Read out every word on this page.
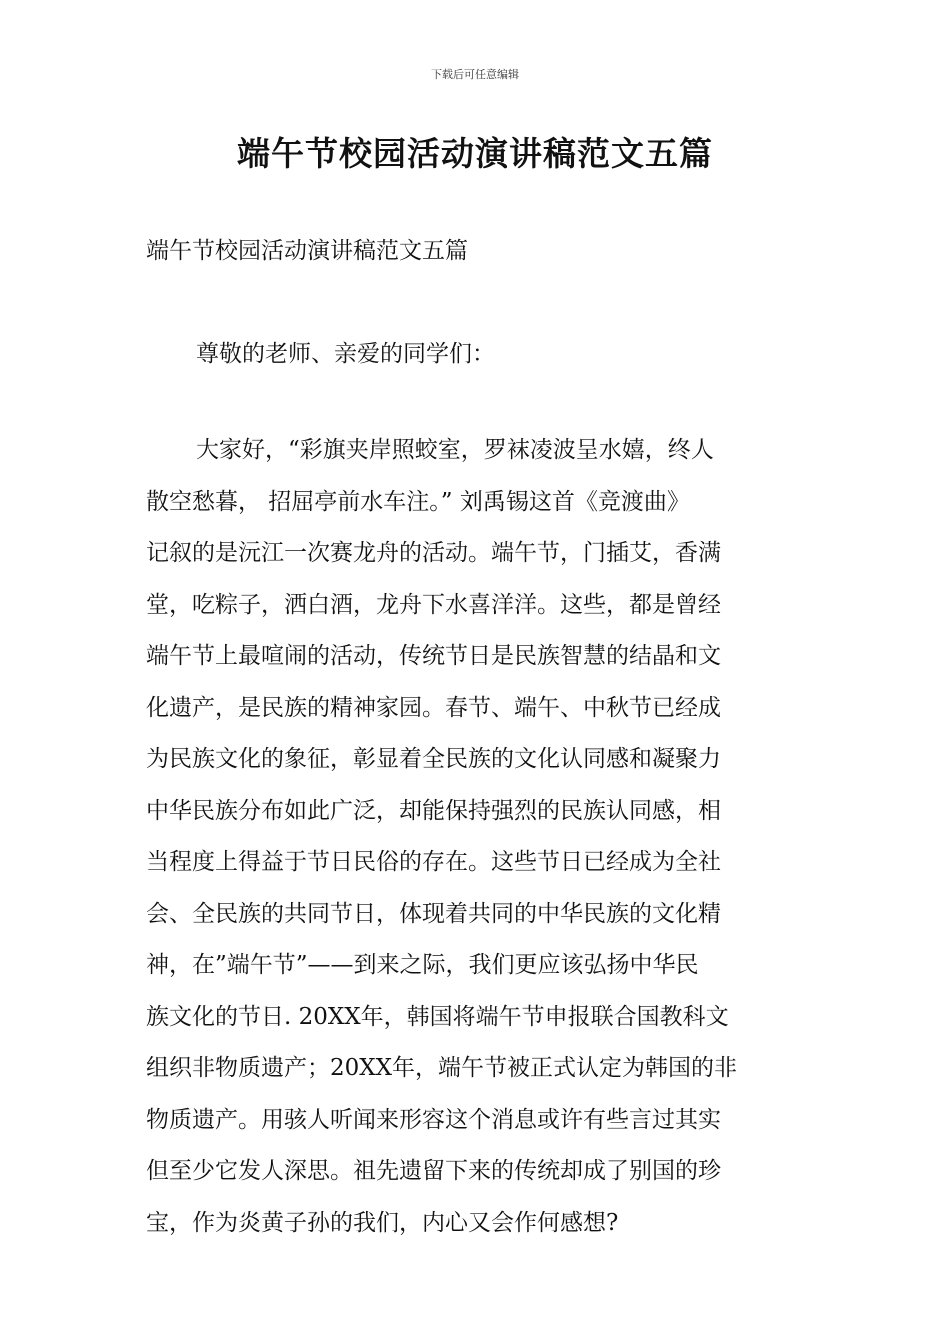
下载后可任意编辑
端午节校园活动演讲稿范文五篇
端午节校园活动演讲稿范文五篇
尊敬的老师、亲爱的同学们：
大家好，“彩旗夹岸照蛟室，罗袜凌波呈水嬉，终人
散空愁暮， 招屈亭前水车注。” 刘禹锡这首《竞渡曲》
记叙的是沅江一次赛龙舟的活动。端午节，门插艾，香满
堂，吃粽子，洒白酒，龙舟下水喜洋洋。这些，都是曾经
端午节上最喧闹的活动，传统节日是民族智慧的结晶和文
化遗产，是民族的精神家园。春节、端午、中秋节已经成
为民族文化的象征，彰显着全民族的文化认同感和凝聚力
中华民族分布如此广泛，却能保持强烈的民族认同感，相
当程度上得益于节日民俗的存在。这些节日已经成为全社
会、全民族的共同节日，体现着共同的中华民族的文化精
神，在”端午节”——到来之际，我们更应该弘扬中华民
族文化的节日. 20XX年，韩国将端午节申报联合国教科文
组织非物质遗产；20XX年，端午节被正式认定为韩国的非
物质遗产。用骇人听闻来形容这个消息或许有些言过其实
但至少它发人深思。祖先遗留下来的传统却成了别国的珍
宝，作为炎黄子孙的我们，内心又会作何感想?
